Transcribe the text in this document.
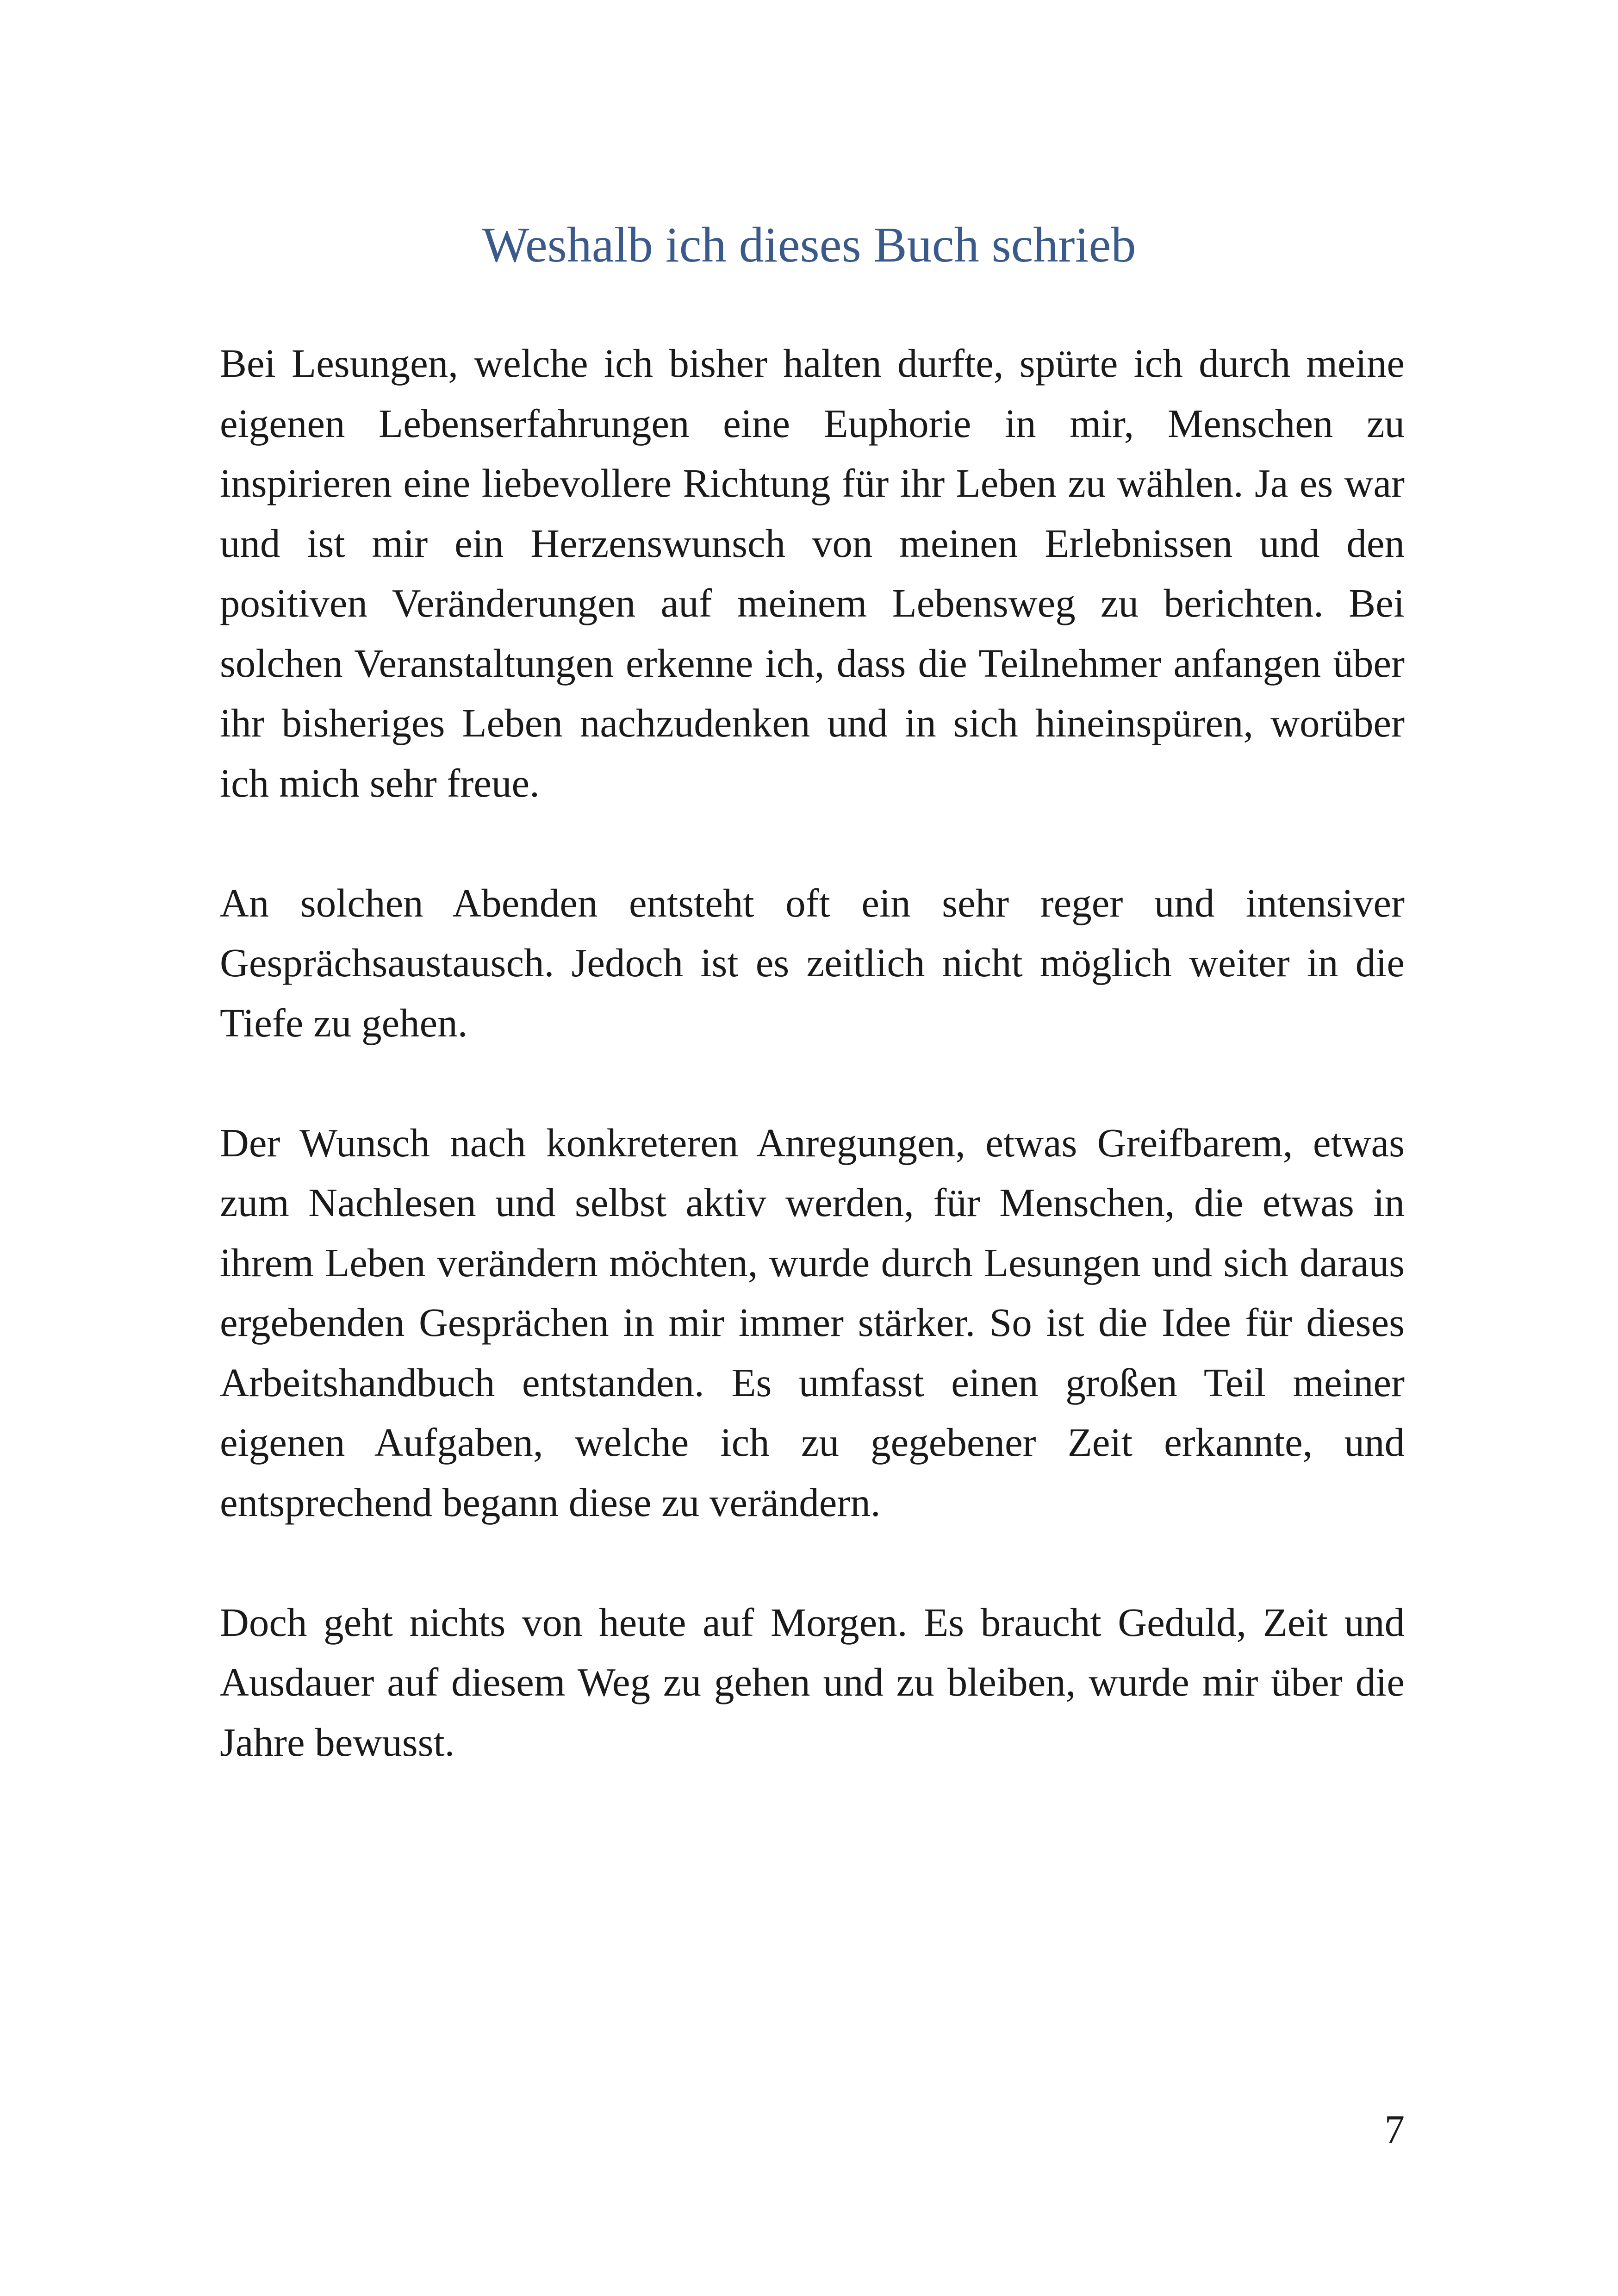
Weshalb ich dieses Buch schrieb

Bei Lesungen, welche ich bisher halten durfte, spürte ich durch meine eigenen Lebenserfahrungen eine Euphorie in mir, Menschen zu inspirieren eine liebevollere Richtung für ihr Leben zu wählen. Ja es war und ist mir ein Herzenswunsch von meinen Erlebnissen und den positiven Veränderungen auf meinem Lebensweg zu berichten. Bei solchen Veranstaltungen erkenne ich, dass die Teilnehmer anfangen über ihr bisheriges Leben nachzudenken und in sich hineinspüren, worüber ich mich sehr freue.

An solchen Abenden entsteht oft ein sehr reger und intensiver Gesprächsaustausch. Jedoch ist es zeitlich nicht möglich weiter in die Tiefe zu gehen.

Der Wunsch nach konkreteren Anregungen, etwas Greifbarem, etwas zum Nachlesen und selbst aktiv werden, für Menschen, die etwas in ihrem Leben verändern möchten, wurde durch Lesungen und sich daraus ergebenden Gesprächen in mir immer stärker. So ist die Idee für dieses Arbeitshandbuch entstanden. Es umfasst einen großen Teil meiner eigenen Aufgaben, welche ich zu gegebener Zeit erkannte, und entsprechend begann diese zu verändern.

Doch geht nichts von heute auf Morgen. Es braucht Geduld, Zeit und Ausdauer auf diesem Weg zu gehen und zu bleiben, wurde mir über die Jahre bewusst.

7
